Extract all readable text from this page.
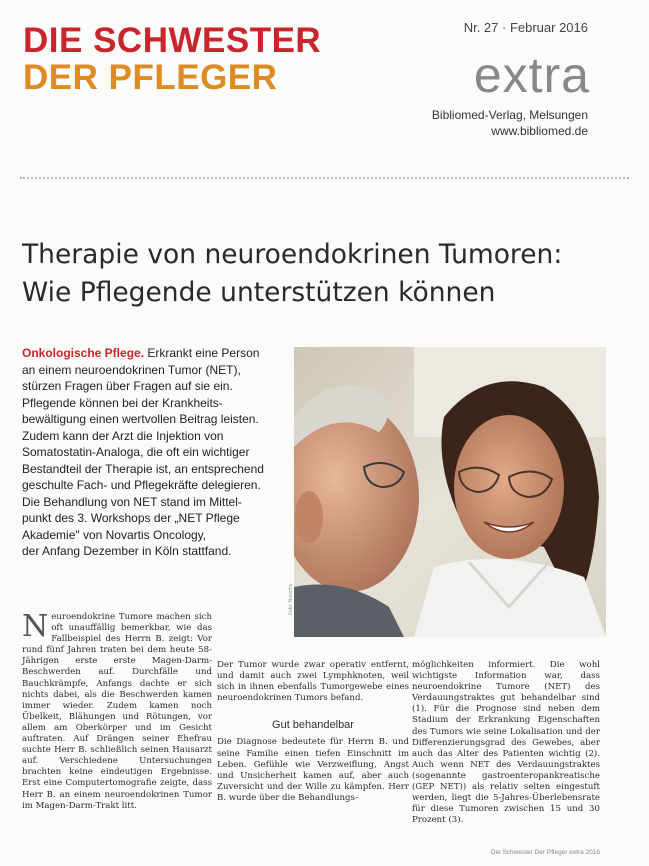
DIE SCHWESTER
DER PFLEGER
Nr. 27 · Februar 2016
extra
Bibliomed-Verlag, Melsungen
www.bibliomed.de
Therapie von neuroendokrinen Tumoren:
Wie Pflegende unterstützen können
Onkologische Pflege. Erkrankt eine Person
an einem neuroendokrinen Tumor (NET),
stürzen Fragen über Fragen auf sie ein.
Pflegende können bei der Krankheits-
bewältigung einen wertvollen Beitrag leisten.
Zudem kann der Arzt die Injektion von
Somatostatin-Analoga, die oft ein wichtiger
Bestandteil der Therapie ist, an entsprechend
geschulte Fach- und Pflegekräfte delegieren.
Die Behandlung von NET stand im Mittel-
punkt des 3. Workshops der „NET Pflege
Akademie" von Novartis Oncology,
der Anfang Dezember in Köln stattfand.
Foto: Novartis
N euroendokrine Tumore machen sich oft unauffällig bemerkbar, wie das Fallbeispiel des Herrn B. zeigt: Vor rund fünf Jahren traten bei dem heute 58-Jährigen erste erste Magen-Darm-Beschwerden auf. Durchfälle und Bauchkrämpfe, Anfangs dachte er sich nichts dabei, als die Beschwerden kamen immer wieder. Zudem kamen noch Übelkeit, Blähungen und Rötungen, vor allem am Oberkörper und im Gesicht auftraten. Auf Drängen seiner Ehefrau suchte Herr B. schließlich seinen Hausarzt auf. Verschiedene Untersuchungen brachten keine eindeutigen Ergebnisse. Erst eine Computertomografie zeigte, dass Herr B. an einem neuroendokrinen Tumor im Magen-Darm-Trakt litt.

Der Tumor wurde zwar operativ entfernt, und damit auch zwei Lymphknoten, weil sich in ihnen ebenfalls Tumorgewebe eines neuroendokrinen Tumors befand.

Gut behandelbar

Die Diagnose bedeutete für Herrn B. und seine Familie einen tiefen Einschnitt im Leben. Gefühle wie Verzweiflung, Angst und Unsicherheit kamen auf, aber auch Zuversicht und der Wille zu kämpfen. Herr B. wurde über die Behandlungs-

möglichkeiten informiert. Die wohl wichtigste Information war, dass neuroendokrine Tumore (NET) des Verdauungstraktes gut behandelbar sind (1). Für die Prognose sind neben dem Stadium der Erkrankung Eigenschaften des Tumors wie seine Lokalisation und der Differenzierungsgrad des Gewebes, aber auch das Alter des Patienten wichtig (2). Auch wenn NET des Verdauungstraktes (sogenannte gastroenteropankreatische (GEP NET)) als relativ selten eingestuft werden, liegt die 5-Jahres-Überlebensrate für diese Tumoren zwischen 15 und 30 Prozent (3).

Die Schwester Der Pfleger extra 2016
